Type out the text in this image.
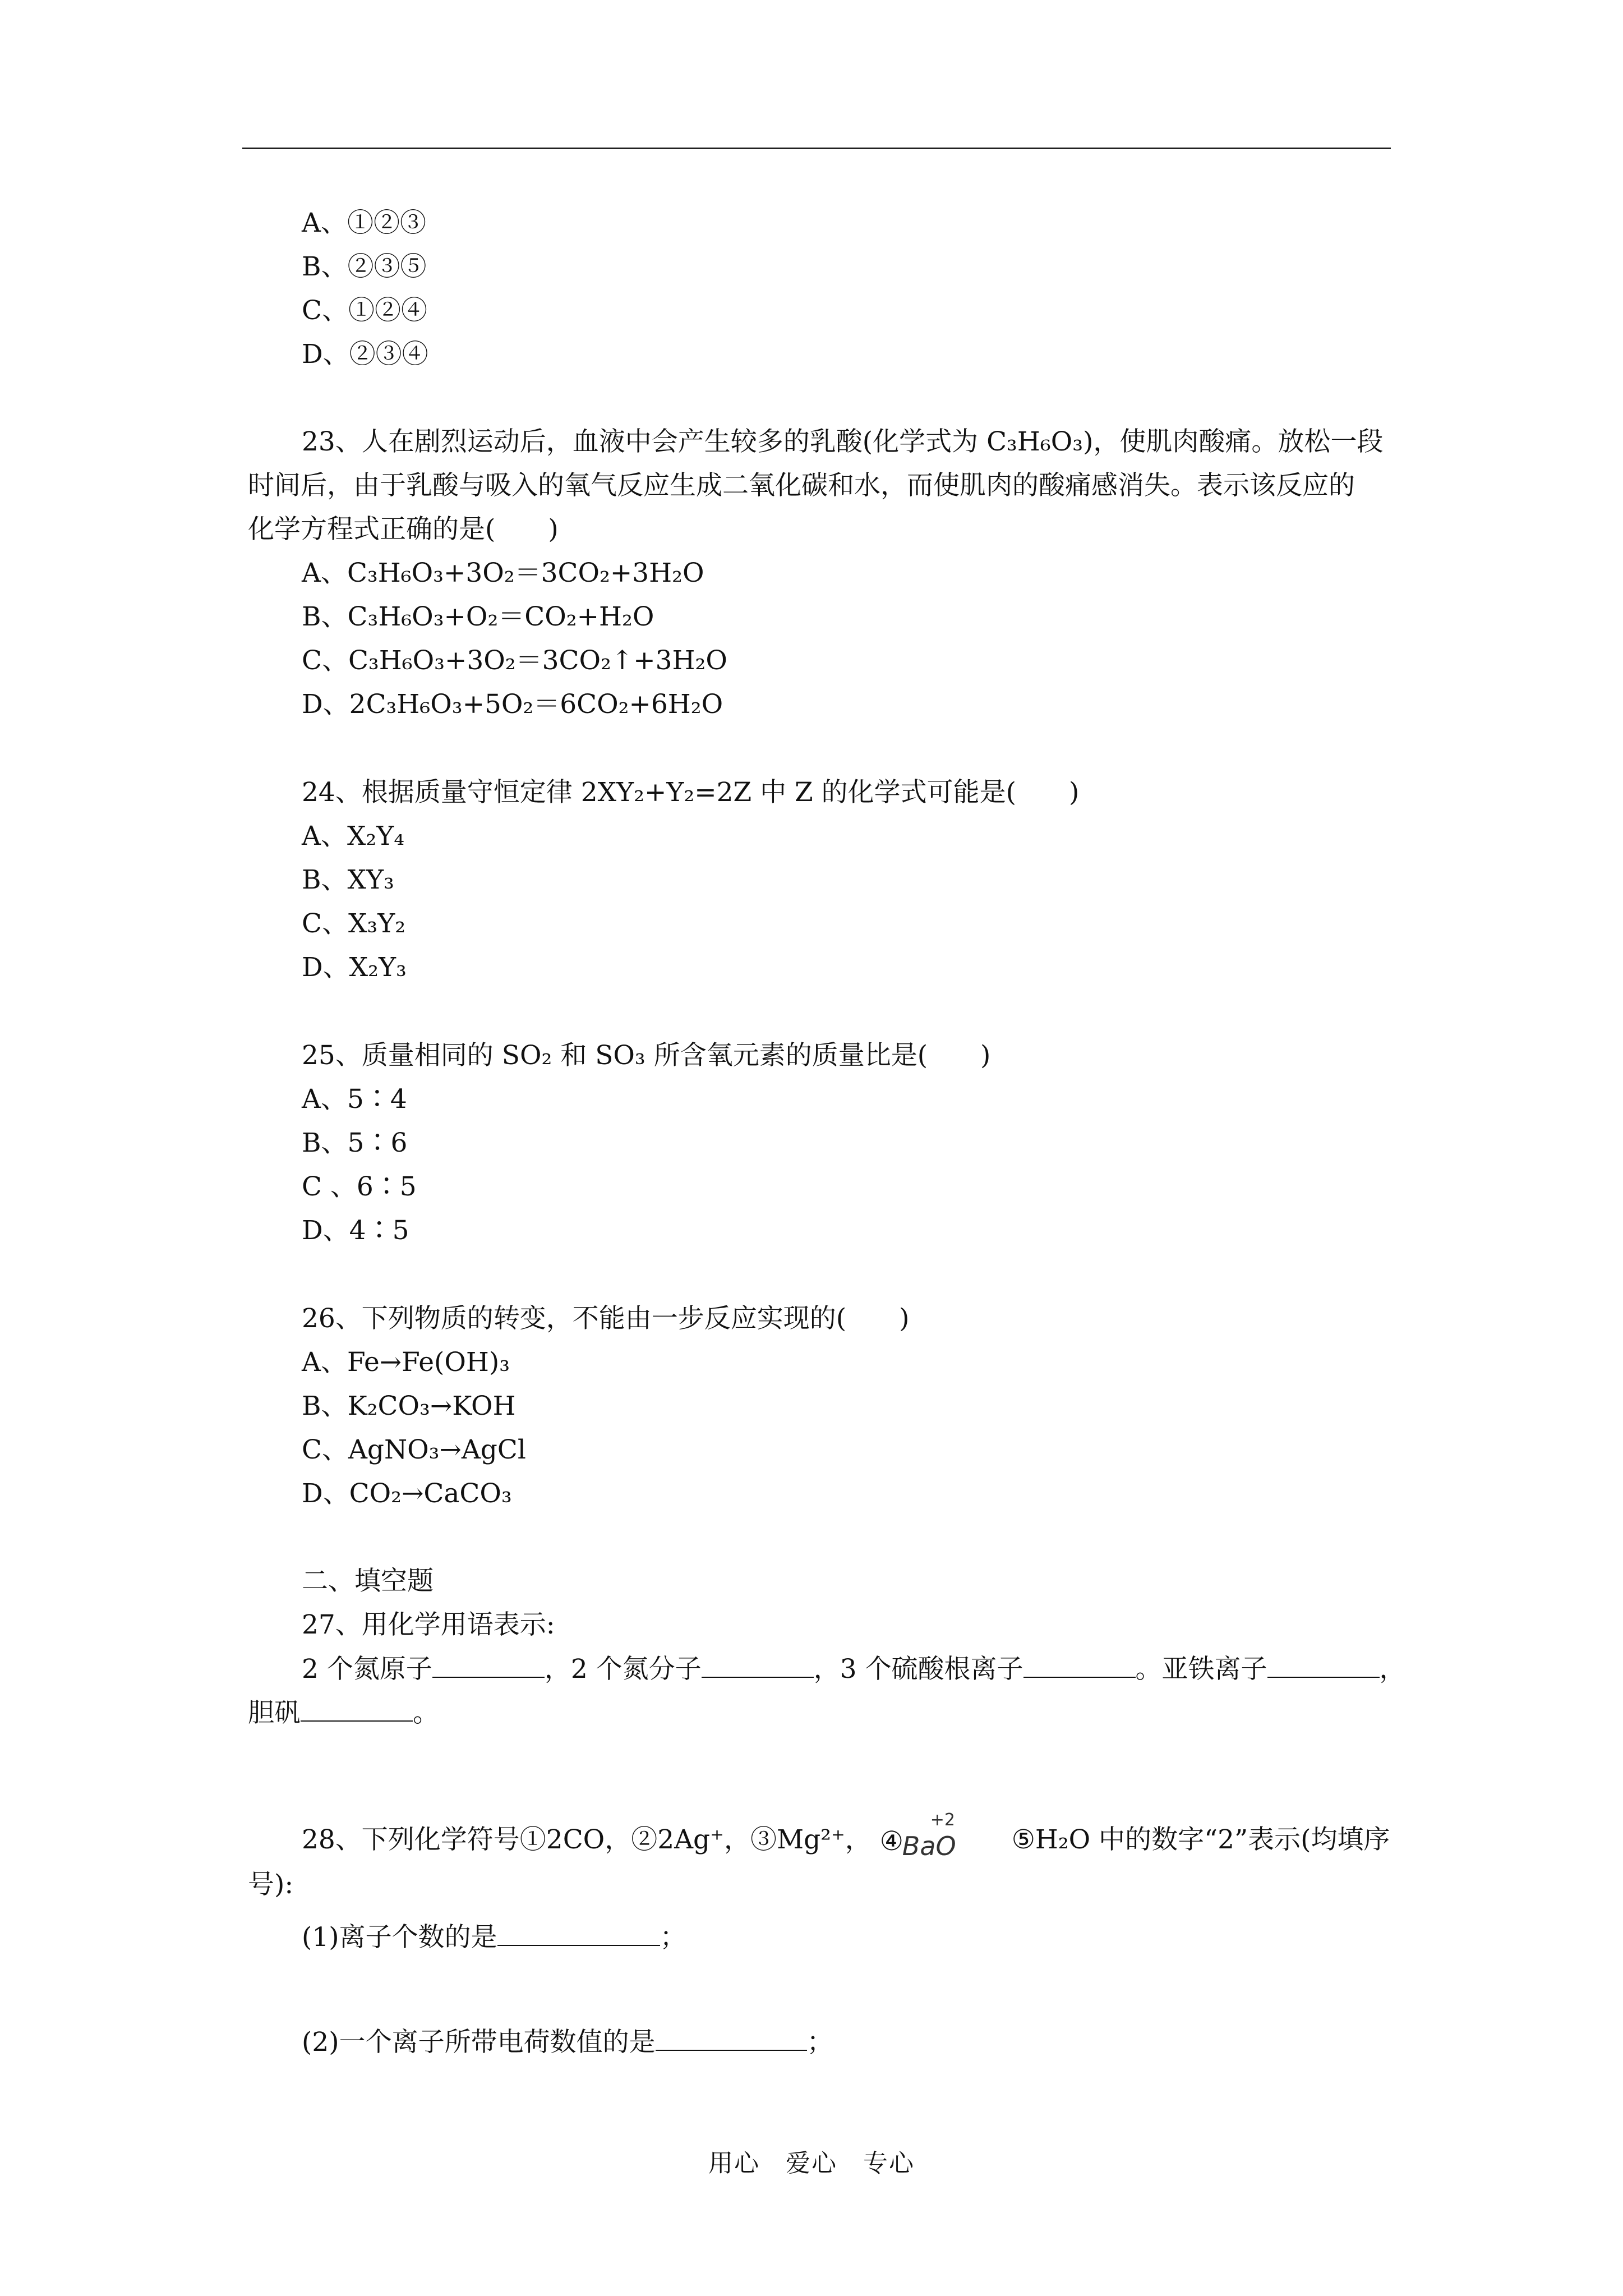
A、①②③
B、②③⑤
C、①②④
D、②③④
23、人在剧烈运动后，血液中会产生较多的乳酸(化学式为 C₃H₆O₃)，使肌肉酸痛。放松一段
时间后，由于乳酸与吸入的氧气反应生成二氧化碳和水，而使肌肉的酸痛感消失。表示该反应的
化学方程式正确的是(　　)
A、C₃H₆O₃+3O₂＝3CO₂+3H₂O
B、C₃H₆O₃+O₂＝CO₂+H₂O
C、C₃H₆O₃+3O₂＝3CO₂↑+3H₂O
D、2C₃H₆O₃+5O₂＝6CO₂+6H₂O
24、根据质量守恒定律 2XY₂+Y₂=2Z 中 Z 的化学式可能是(　　)
A、X₂Y₄
B、XY₃
C、X₃Y₂
D、X₂Y₃
25、质量相同的 SO₂ 和 SO₃ 所含氧元素的质量比是(　　)
A、5∶4
B、5∶6
C 、6∶5
D、4∶5
26、下列物质的转变，不能由一步反应实现的(　　)
A、Fe→Fe(OH)₃
B、K₂CO₃→KOH
C、AgNO₃→AgCl
D、CO₂→CaCO₃
二、填空题
27、用化学用语表示:
2 个氮原子	，2 个氮分子	，3 个硫酸根离子	。亚铁离子	，
胆矾	。
28、下列化学符号①2CO，②2Ag⁺，③Mg²⁺， ④
+2
BaO ⑤H₂O 中的数字“2”表示(均填序
号):
(1)离子个数的是	；
(2)一个离子所带电荷数值的是	；
用心　爱心　专心
